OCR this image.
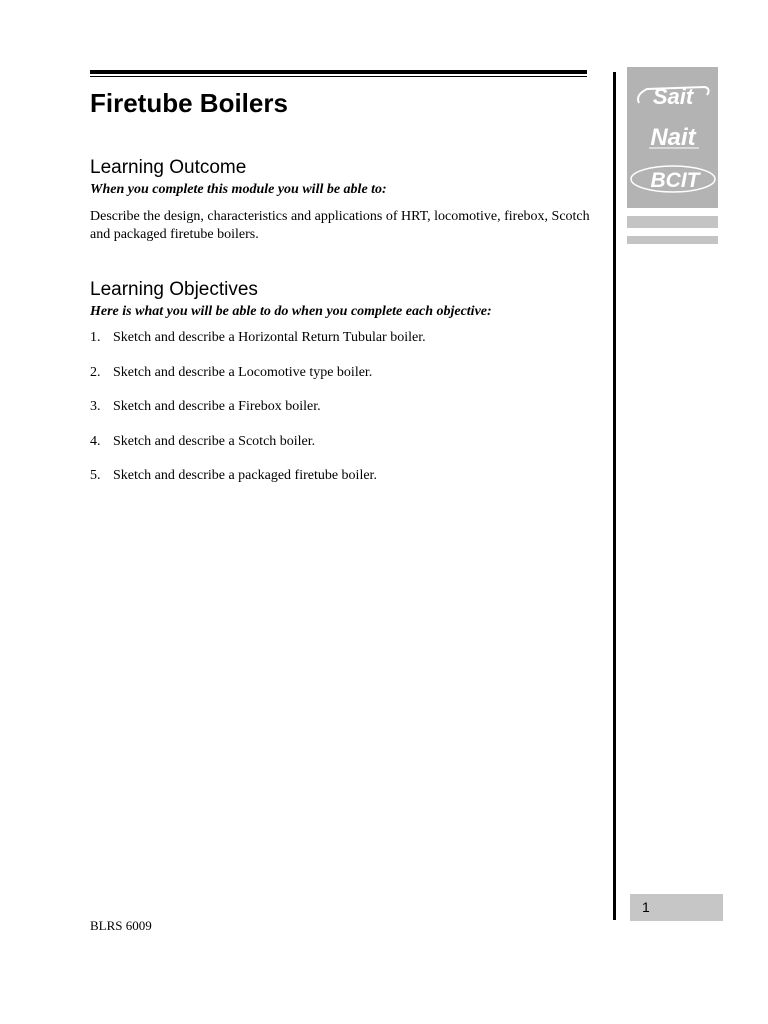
Firetube Boilers
Learning Outcome

When you complete this module you will be able to:

Describe the design, characteristics and applications of HRT, locomotive, firebox, Scotch and packaged firetube boilers.

Learning Objectives

Here is what you will be able to do when you complete each objective:

1. Sketch and describe a Horizontal Return Tubular boiler.
2. Sketch and describe a Locomotive type boiler.
3. Sketch and describe a Firebox boiler.
4. Sketch and describe a Scotch boiler.
5. Sketch and describe a packaged firetube boiler.

BLRS 6009

Sait
Nait
BCIT
1
